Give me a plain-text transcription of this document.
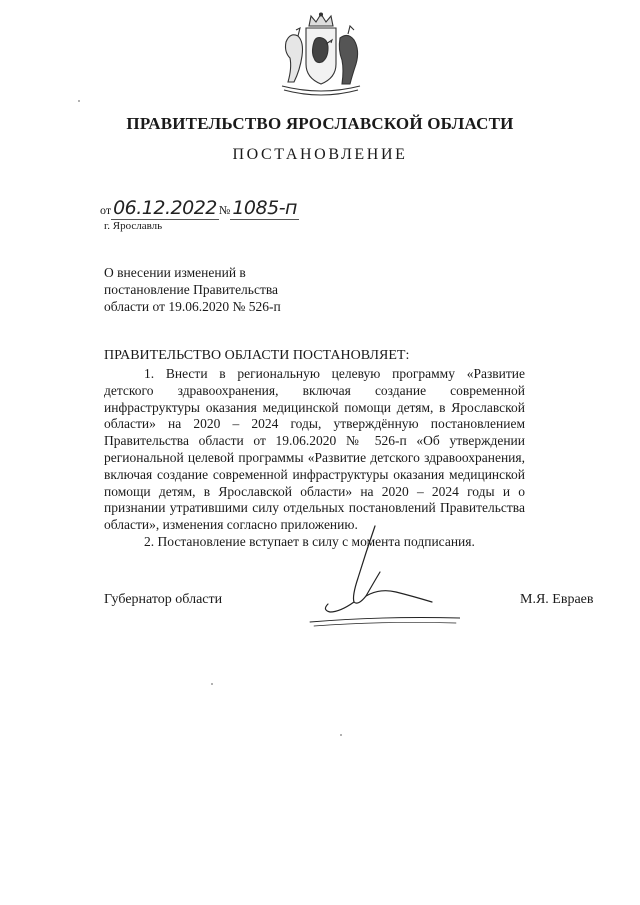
ПРАВИТЕЛЬСТВО ЯРОСЛАВСКОЙ ОБЛАСТИ
ПОСТАНОВЛЕНИЕ
от 06.12.2022 № 1085-п
г. Ярославль
О внесении изменений в постановление Правительства области от 19.06.2020 № 526-п
ПРАВИТЕЛЬСТВО ОБЛАСТИ ПОСТАНОВЛЯЕТ:

1. Внести в региональную целевую программу «Развитие детского здравоохранения, включая создание современной инфраструктуры оказания медицинской помощи детям, в Ярославской области» на 2020 – 2024 годы, утверждённую постановлением Правительства области от 19.06.2020 № 526-п «Об утверждении региональной целевой программы «Развитие детского здравоохранения, включая создание современной инфраструктуры оказания медицинской помощи детям, в Ярославской области» на 2020 – 2024 годы и о признании утратившими силу отдельных постановлений Правительства области», изменения согласно приложению.

2. Постановление вступает в силу с момента подписания.

Губернатор области	М.Я. Евраев
